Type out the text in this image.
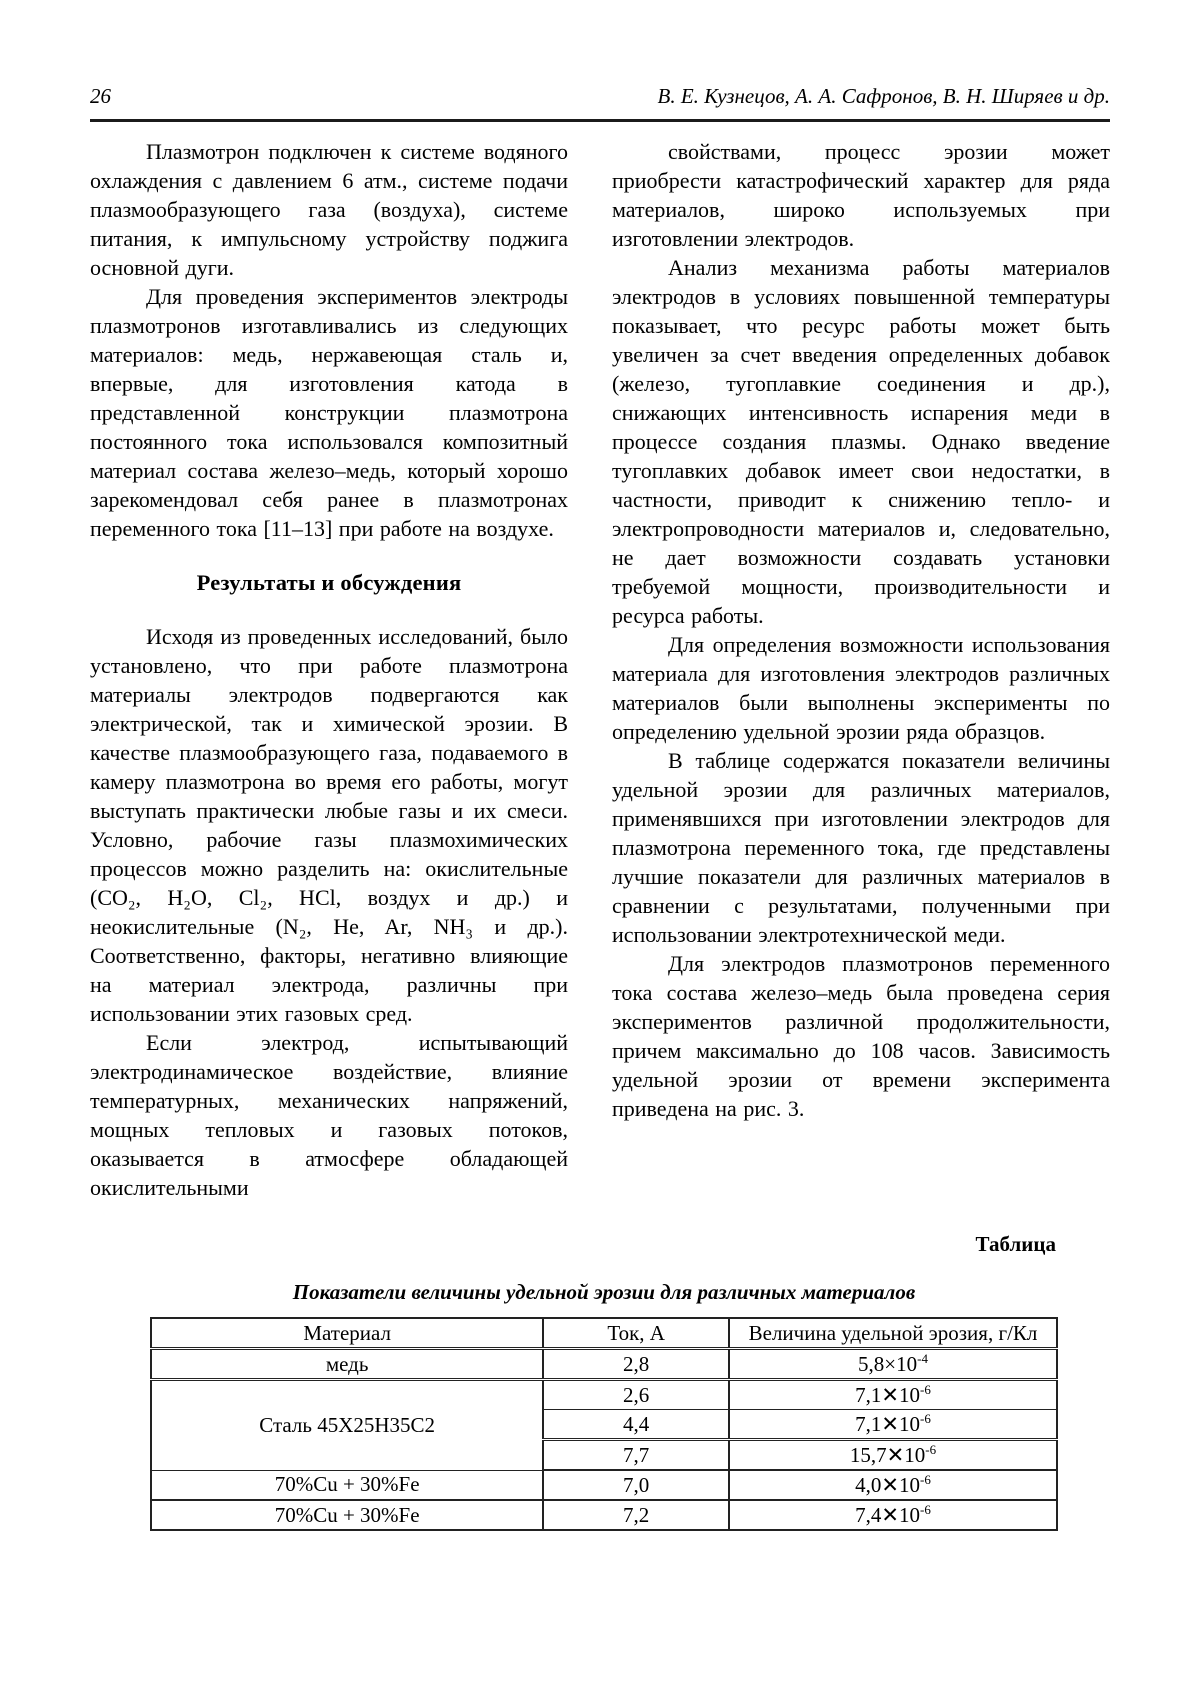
26	В. Е. Кузнецов, А. А. Сафронов, В. Н. Ширяев и др.

Плазмотрон подключен к системе водяного охлаждения с давлением 6 атм., системе подачи плазмообразующего газа (воздуха), системе питания, к импульсному устройству поджига основной дуги.

Для проведения экспериментов электроды плазмотронов изготавливались из следующих материалов: медь, нержавеющая сталь и, впервые, для изготовления катода в представленной конструкции плазмотрона постоянного тока использовался композитный материал состава железо–медь, который хорошо зарекомендовал себя ранее в плазмотронах переменного тока [11–13] при работе на воздухе.

Результаты и обсуждения

Исходя из проведенных исследований, было установлено, что при работе плазмотрона материалы электродов подвергаются как электрической, так и химической эрозии. В качестве плазмообразующего газа, подаваемого в камеру плазмотрона во время его работы, могут выступать практически любые газы и их смеси. Условно, рабочие газы плазмохимических процессов можно разделить на: окислительные (CO₂, H₂O, Cl₂, HCl, воздух и др.) и неокислительные (N₂, He, Ar, NH₃ и др.). Соответственно, факторы, негативно влияющие на материал электрода, различны при использовании этих газовых сред.

Если электрод, испытывающий электродинамическое воздействие, влияние температурных, механических напряжений, мощных тепловых и газовых потоков, оказывается в атмосфере обладающей окислительными

свойствами, процесс эрозии может приобрести катастрофический характер для ряда материалов, широко используемых при изготовлении электродов.

Анализ механизма работы материалов электродов в условиях повышенной температуры показывает, что ресурс работы может быть увеличен за счет введения определенных добавок (железо, тугоплавкие соединения и др.), снижающих интенсивность испарения меди в процессе создания плазмы. Однако введение тугоплавких добавок имеет свои недостатки, в частности, приводит к снижению тепло- и электропроводности материалов и, следовательно, не дает возможности создавать установки требуемой мощности, производительности и ресурса работы.

Для определения возможности использования материала для изготовления электродов различных материалов были выполнены эксперименты по определению удельной эрозии ряда образцов.

В таблице содержатся показатели величины удельной эрозии для различных материалов, применявшихся при изготовлении электродов для плазмотрона переменного тока, где представлены лучшие показатели для различных материалов в сравнении с результатами, полученными при использовании электротехнической меди.

Для электродов плазмотронов переменного тока состава железо–медь была проведена серия экспериментов различной продолжительности, причем максимально до 108 часов. Зависимость удельной эрозии от времени эксперимента приведена на рис. 3.

Таблица
Показатели величины удельной эрозии для различных материалов
Материал	Ток, А	Величина удельной эрозия, г/Кл
медь	2,8	$5,8\times 10^{-4}$
Сталь 45Х25Н35С2	2,6	$7,1✕10^{-6}$
	4,4	$7,1✕10^{-6}$
	7,7	$15,7✕10^{-6}$
70%Cu + 30%Fe	7,0	$4,0✕10^{-6}$
70%Cu + 30%Fe	7,2	$7,4✕10^{-6}$
